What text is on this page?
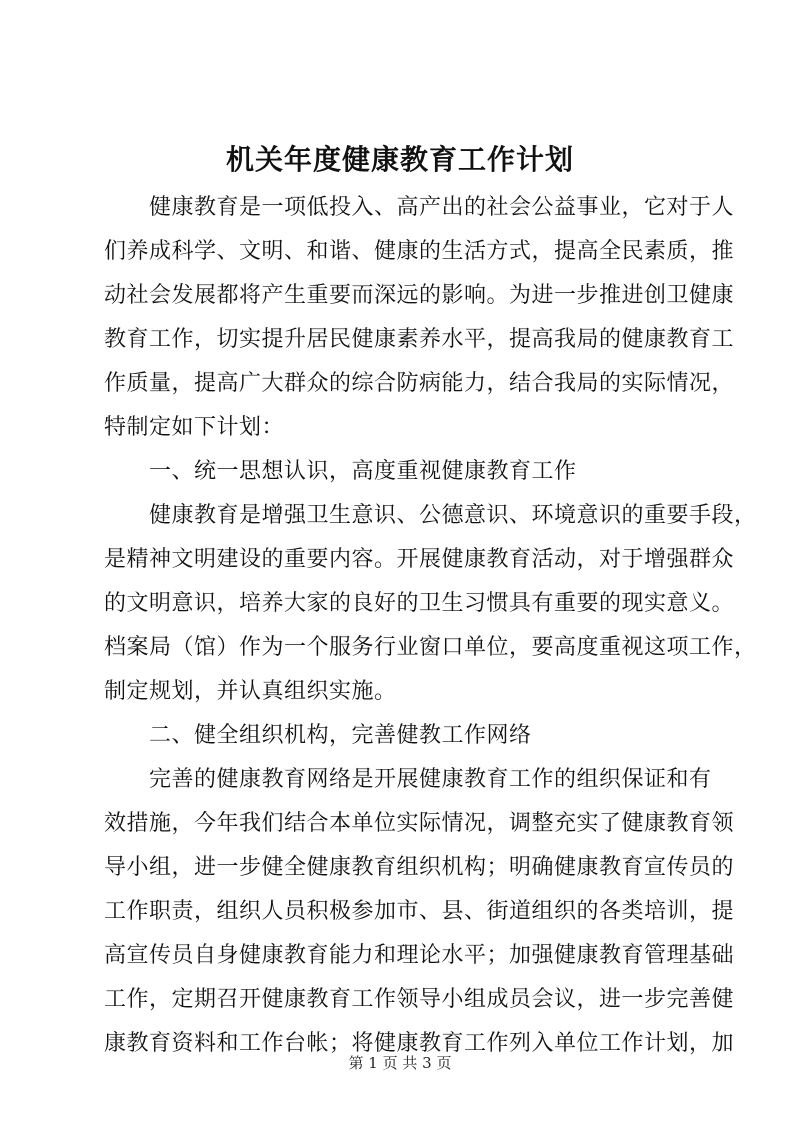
机关年度健康教育工作计划
健康教育是一项低投入、高产出的社会公益事业，它对于人
们养成科学、文明、和谐、健康的生活方式，提高全民素质，推
动社会发展都将产生重要而深远的影响。为进一步推进创卫健康
教育工作，切实提升居民健康素养水平，提高我局的健康教育工
作质量，提高广大群众的综合防病能力，结合我局的实际情况，
特制定如下计划：
一、统一思想认识，高度重视健康教育工作
健康教育是增强卫生意识、公德意识、环境意识的重要手段，
是精神文明建设的重要内容。开展健康教育活动，对于增强群众
的文明意识，培养大家的良好的卫生习惯具有重要的现实意义。
档案局（馆）作为一个服务行业窗口单位，要高度重视这项工作，
制定规划，并认真组织实施。
二、健全组织机构，完善健教工作网络
完善的健康教育网络是开展健康教育工作的组织保证和有
效措施，今年我们结合本单位实际情况，调整充实了健康教育领
导小组，进一步健全健康教育组织机构；明确健康教育宣传员的
工作职责，组织人员积极参加市、县、街道组织的各类培训，提
高宣传员自身健康教育能力和理论水平；加强健康教育管理基础
工作，定期召开健康教育工作领导小组成员会议，进一步完善健
康教育资料和工作台帐；将健康教育工作列入单位工作计划，加
第 1 页 共 3 页
